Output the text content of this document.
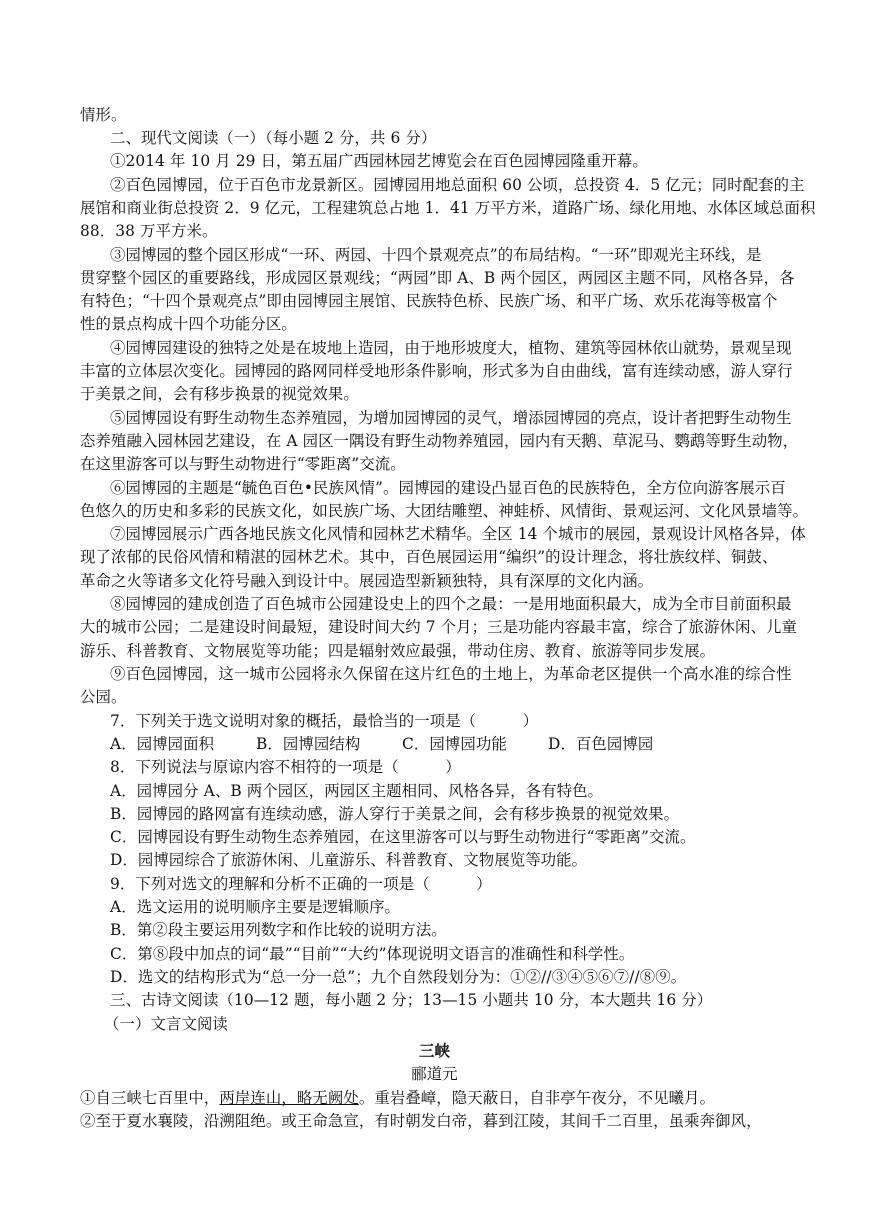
情形。
二、现代文阅读（一）（每小题 2 分，共 6 分）
①2014 年 10 月 29 日，第五届广西园林园艺博览会在百色园博园隆重开幕。
②百色园博园，位于百色市龙景新区。园博园用地总面积 60 公顷，总投资 4．5 亿元；同时配套的主
展馆和商业街总投资 2．9 亿元，工程建筑总占地 1．41 万平方米，道路广场、绿化用地、水体区域总面积
88．38 万平方米。
③园博园的整个园区形成“一环、两园、十四个景观亮点”的布局结构。“一环”即观光主环线，是
贯穿整个园区的重要路线，形成园区景观线；“两园”即 A、B 两个园区，两园区主题不同，风格各异，各
有特色；“十四个景观亮点”即由园博园主展馆、民族特色桥、民族广场、和平广场、欢乐花海等极富个
性的景点构成十四个功能分区。
④园博园建设的独特之处是在坡地上造园，由于地形坡度大，植物、建筑等园林依山就势，景观呈现
丰富的立体层次变化。园博园的路网同样受地形条件影响，形式多为自由曲线，富有连续动感，游人穿行
于美景之间，会有移步换景的视觉效果。
⑤园博园设有野生动物生态养殖园，为增加园博园的灵气，增添园博园的亮点，设计者把野生动物生
态养殖融入园林园艺建设，在 A 园区一隅设有野生动物养殖园，园内有天鹅、草泥马、鹦鹉等野生动物，
在这里游客可以与野生动物进行“零距离”交流。
⑥园博园的主题是“毓色百色•民族风情”。园博园的建设凸显百色的民族特色，全方位向游客展示百
色悠久的历史和多彩的民族文化，如民族广场、大团结雕塑、神蛙桥、风情街、景观运河、文化风景墙等。
⑦园博园展示广西各地民族文化风情和园林艺术精华。全区 14 个城市的展园，景观设计风格各异，体
现了浓郁的民俗风情和精湛的园林艺术。其中，百色展园运用“编织”的设计理念，将壮族纹样、铜鼓、
革命之火等诸多文化符号融入到设计中。展园造型新颖独特，具有深厚的文化内涵。
⑧园博园的建成创造了百色城市公园建设史上的四个之最：一是用地面积最大，成为全市目前面积最
大的城市公园；二是建设时间最短，建设时间大约 7 个月；三是功能内容最丰富，综合了旅游休闲、儿童
游乐、科普教育、文物展览等功能；四是辐射效应最强，带动住房、教育、旅游等同步发展。
⑨百色园博园，这一城市公园将永久保留在这片红色的土地上，为革命老区提供一个高水准的综合性
公园。
7．下列关于选文说明对象的概括，最恰当的一项是（　　　）
A．园博园面积	B．园博园结构	C．园博园功能	D．百色园博园
8．下列说法与原谅内容不相符的一项是（　　　）
A．园博园分 A、B 两个园区，两园区主题相同、风格各异，各有特色。
B．园博园的路网富有连续动感，游人穿行于美景之间，会有移步换景的视觉效果。
C．园博园设有野生动物生态养殖园，在这里游客可以与野生动物进行“零距离”交流。
D．园博园综合了旅游休闲、儿童游乐、科普教育、文物展览等功能。
9．下列对选文的理解和分析不正确的一项是（　　　）
A．选文运用的说明顺序主要是逻辑顺序。
B．第②段主要运用列数字和作比较的说明方法。
C．第⑧段中加点的词“最”“目前”“大约”体现说明文语言的准确性和科学性。
D．选文的结构形式为“总一分一总”；九个自然段划分为：①②//③④⑤⑥⑦//⑧⑨。
三、古诗文阅读（10—12 题，每小题 2 分；13—15 小题共 10 分，本大题共 16 分）
（一）文言文阅读
三峡
郦道元
①自三峡七百里中，两岸连山，略无阙处。重岩叠嶂，隐天蔽日，自非亭午夜分，不见曦月。
②至于夏水襄陵，沿溯阻绝。或王命急宣，有时朝发白帝，暮到江陵，其间千二百里，虽乘奔御风，
